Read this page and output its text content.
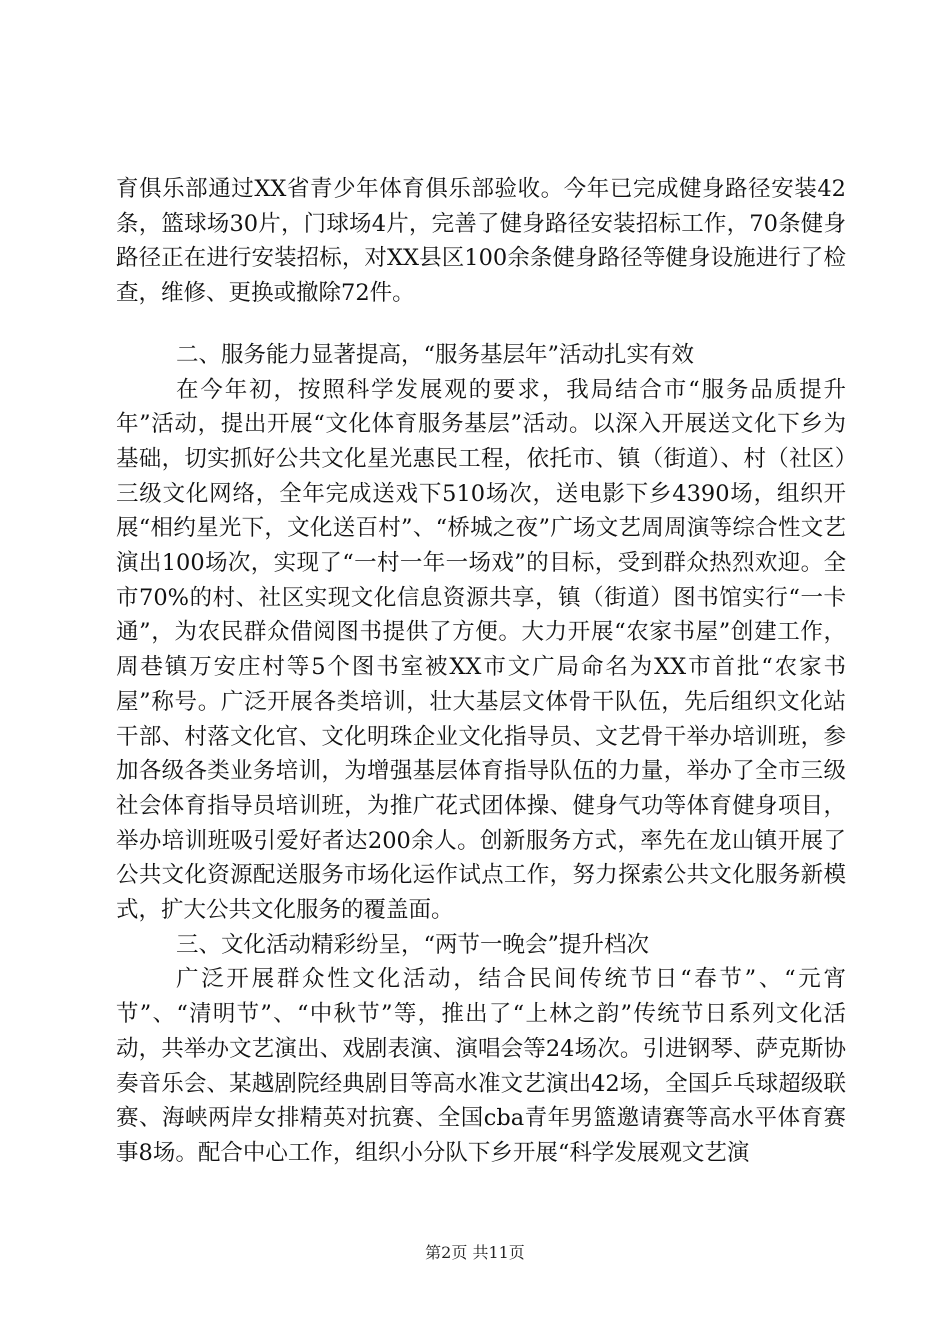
育俱乐部通过XX省青少年体育俱乐部验收。今年已完成健身路径安装42条，篮球场30片，门球场4片，完善了健身路径安装招标工作，70条健身路径正在进行安装招标，对XX县区100余条健身路径等健身设施进行了检查，维修、更换或撤除72件。

二、服务能力显著提高，“服务基层年”活动扎实有效

在今年初，按照科学发展观的要求，我局结合市“服务品质提升年”活动，提出开展“文化体育服务基层”活动。以深入开展送文化下乡为基础，切实抓好公共文化星光惠民工程，依托市、镇（街道）、村（社区）三级文化网络，全年完成送戏下510场次，送电影下乡4390场，组织开展“相约星光下，文化送百村”、“桥城之夜”广场文艺周周演等综合性文艺演出100场次，实现了“一村一年一场戏”的目标，受到群众热烈欢迎。全市70%的村、社区实现文化信息资源共享，镇（街道）图书馆实行“一卡通”，为农民群众借阅图书提供了方便。大力开展“农家书屋”创建工作，周巷镇万安庄村等5个图书室被XX市文广局命名为XX市首批“农家书屋”称号。广泛开展各类培训，壮大基层文体骨干队伍，先后组织文化站干部、村落文化官、文化明珠企业文化指导员、文艺骨干举办培训班，参加各级各类业务培训，为增强基层体育指导队伍的力量，举办了全市三级社会体育指导员培训班，为推广花式团体操、健身气功等体育健身项目，举办培训班吸引爱好者达200余人。创新服务方式，率先在龙山镇开展了公共文化资源配送服务市场化运作试点工作，努力探索公共文化服务新模式，扩大公共文化服务的覆盖面。

三、文化活动精彩纷呈，“两节一晚会”提升档次

广泛开展群众性文化活动，结合民间传统节日“春节”、“元宵节”、“清明节”、“中秋节”等，推出了“上林之韵”传统节日系列文化活动，共举办文艺演出、戏剧表演、演唱会等24场次。引进钢琴、萨克斯协奏音乐会、某越剧院经典剧目等高水准文艺演出42场，全国乒乓球超级联赛、海峡两岸女排精英对抗赛、全国cba青年男篮邀请赛等高水平体育赛事8场。配合中心工作，组织小分队下乡开展“科学发展观文艺演

第2页 共11页
